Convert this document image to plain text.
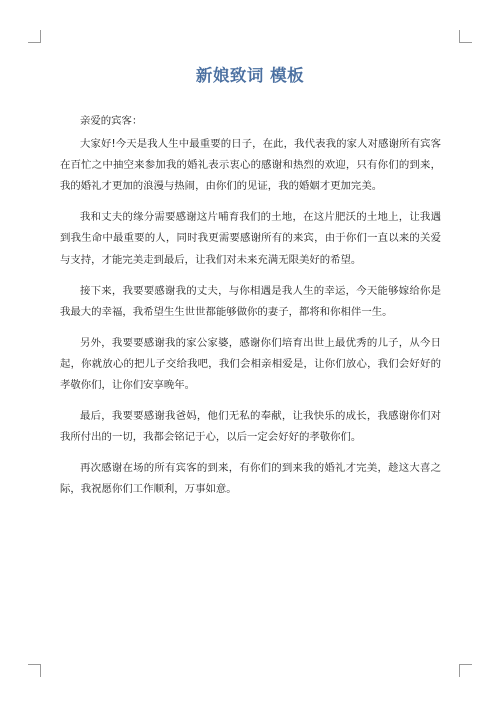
新娘致词 模板

亲爱的宾客：

大家好!今天是我人生中最重要的日子，在此，我代表我的家人对感谢所有宾客在百忙之中抽空来参加我的婚礼表示衷心的感谢和热烈的欢迎，只有你们的到来，我的婚礼才更加的浪漫与热闹，由你们的见证，我的婚姻才更加完美。

我和丈夫的缘分需要感谢这片哺育我们的土地，在这片肥沃的土地上，让我遇到我生命中最重要的人，同时我更需要感谢所有的来宾，由于你们一直以来的关爱与支持，才能完美走到最后，让我们对未来充满无限美好的希望。

接下来，我要要感谢我的丈夫，与你相遇是我人生的幸运，今天能够嫁给你是我最大的幸福，我希望生生世世都能够做你的妻子，都将和你相伴一生。

另外，我要要感谢我的家公家婆，感谢你们培育出世上最优秀的儿子，从今日起，你就放心的把儿子交给我吧，我们会相亲相爱是，让你们放心，我们会好好的孝敬你们，让你们安享晚年。

最后，我要要感谢我爸妈，他们无私的奉献，让我快乐的成长，我感谢你们对我所付出的一切，我都会铭记于心，以后一定会好好的孝敬你们。

再次感谢在场的所有宾客的到来，有你们的到来我的婚礼才完美，趁这大喜之际，我祝愿你们工作顺利，万事如意。
